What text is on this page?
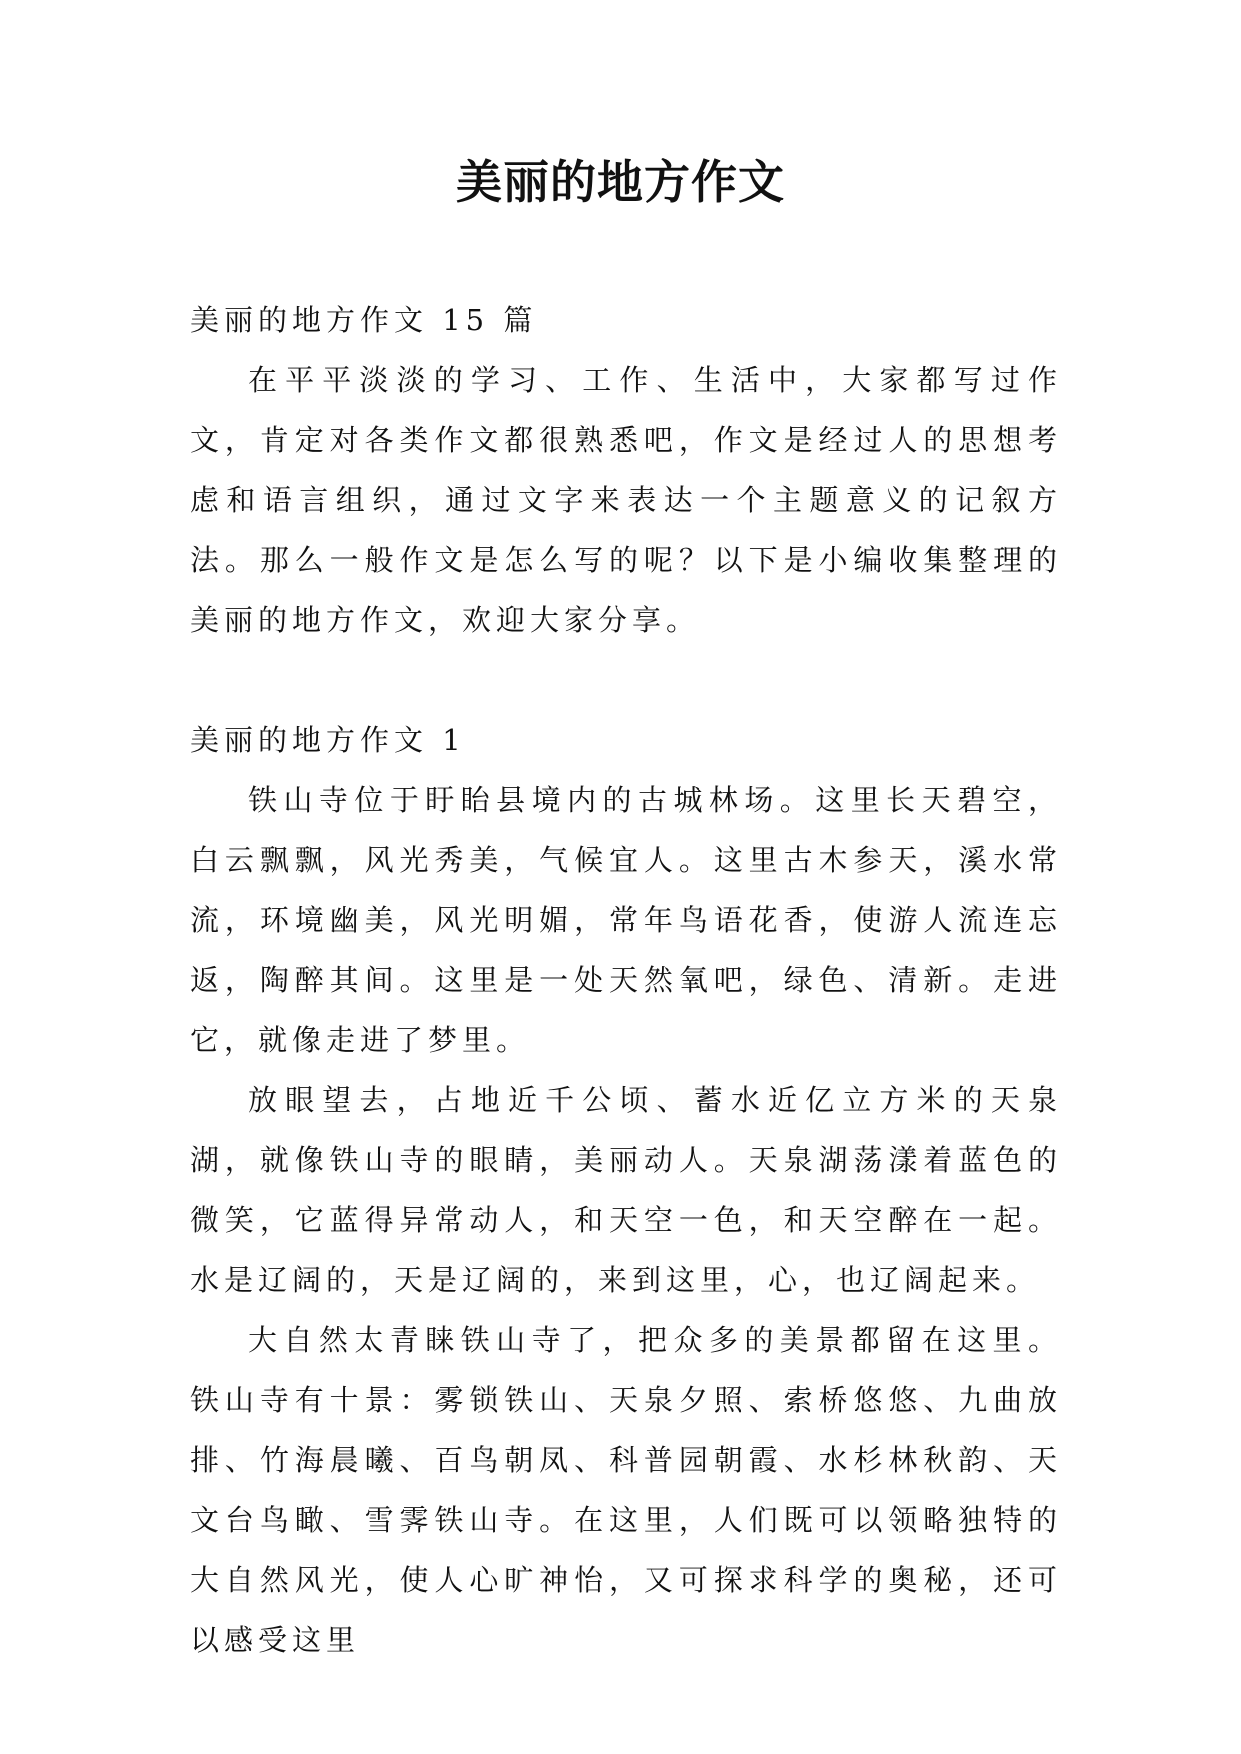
美丽的地方作文
美丽的地方作文 15 篇

在平平淡淡的学习、工作、生活中，大家都写过作文，肯定对各类作文都很熟悉吧，作文是经过人的思想考虑和语言组织，通过文字来表达一个主题意义的记叙方法。那么一般作文是怎么写的呢？以下是小编收集整理的美丽的地方作文，欢迎大家分享。

美丽的地方作文 1

铁山寺位于盱眙县境内的古城林场。这里长天碧空，白云飘飘，风光秀美，气候宜人。这里古木参天，溪水常流，环境幽美，风光明媚，常年鸟语花香，使游人流连忘返，陶醉其间。这里是一处天然氧吧，绿色、清新。走进它，就像走进了梦里。

放眼望去，占地近千公顷、蓄水近亿立方米的天泉湖，就像铁山寺的眼睛，美丽动人。天泉湖荡漾着蓝色的微笑，它蓝得异常动人，和天空一色，和天空醉在一起。水是辽阔的，天是辽阔的，来到这里，心，也辽阔起来。

大自然太青睐铁山寺了，把众多的美景都留在这里。铁山寺有十景：雾锁铁山、天泉夕照、索桥悠悠、九曲放排、竹海晨曦、百鸟朝凤、科普园朝霞、水杉林秋韵、天文台鸟瞰、雪霁铁山寺。在这里，人们既可以领略独特的大自然风光，使人心旷神怡，又可探求科学的奥秘，还可以感受这里
